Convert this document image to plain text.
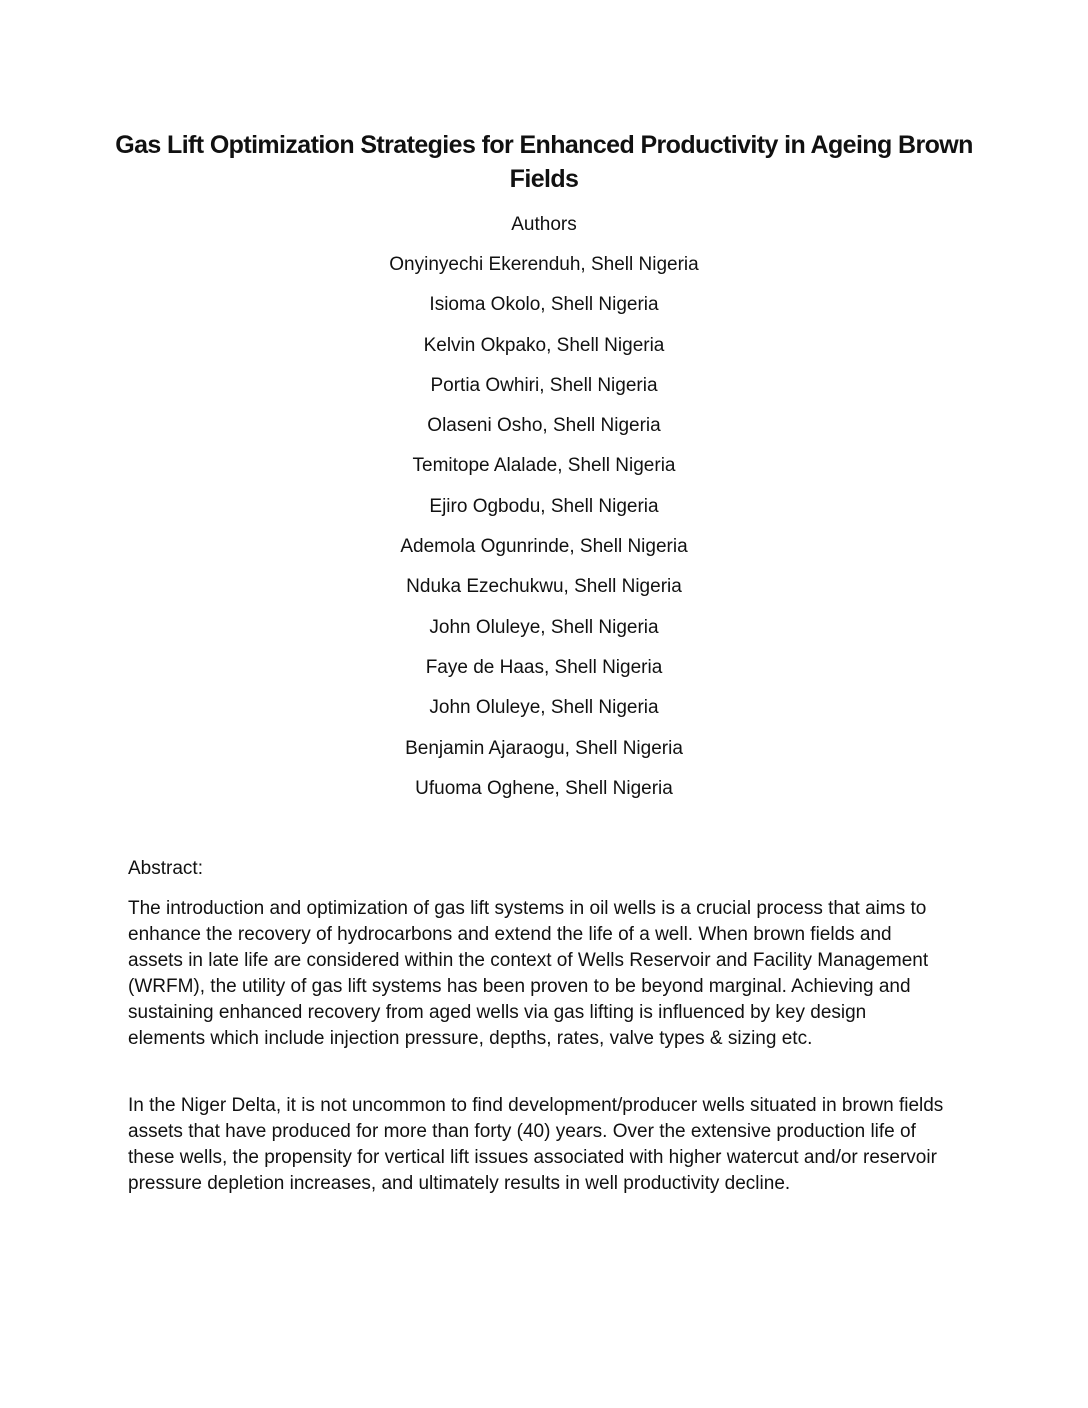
Gas Lift Optimization Strategies for Enhanced Productivity in Ageing Brown Fields

Authors

Onyinyechi Ekerenduh, Shell Nigeria
Isioma Okolo, Shell Nigeria
Kelvin Okpako, Shell Nigeria
Portia Owhiri, Shell Nigeria
Olaseni Osho, Shell Nigeria
Temitope Alalade, Shell Nigeria
Ejiro Ogbodu, Shell Nigeria
Ademola Ogunrinde, Shell Nigeria
Nduka Ezechukwu, Shell Nigeria
John Oluleye, Shell Nigeria
Faye de Haas, Shell Nigeria
John Oluleye, Shell Nigeria
Benjamin Ajaraogu, Shell Nigeria
Ufuoma Oghene, Shell Nigeria

Abstract:

The introduction and optimization of gas lift systems in oil wells is a crucial process that aims to enhance the recovery of hydrocarbons and extend the life of a well. When brown fields and assets in late life are considered within the context of Wells Reservoir and Facility Management (WRFM), the utility of gas lift systems has been proven to be beyond marginal. Achieving and sustaining enhanced recovery from aged wells via gas lifting is influenced by key design elements which include injection pressure, depths, rates, valve types & sizing etc.

In the Niger Delta, it is not uncommon to find development/producer wells situated in brown fields assets that have produced for more than forty (40) years. Over the extensive production life of these wells, the propensity for vertical lift issues associated with higher watercut and/or reservoir pressure depletion increases, and ultimately results in well productivity decline.
